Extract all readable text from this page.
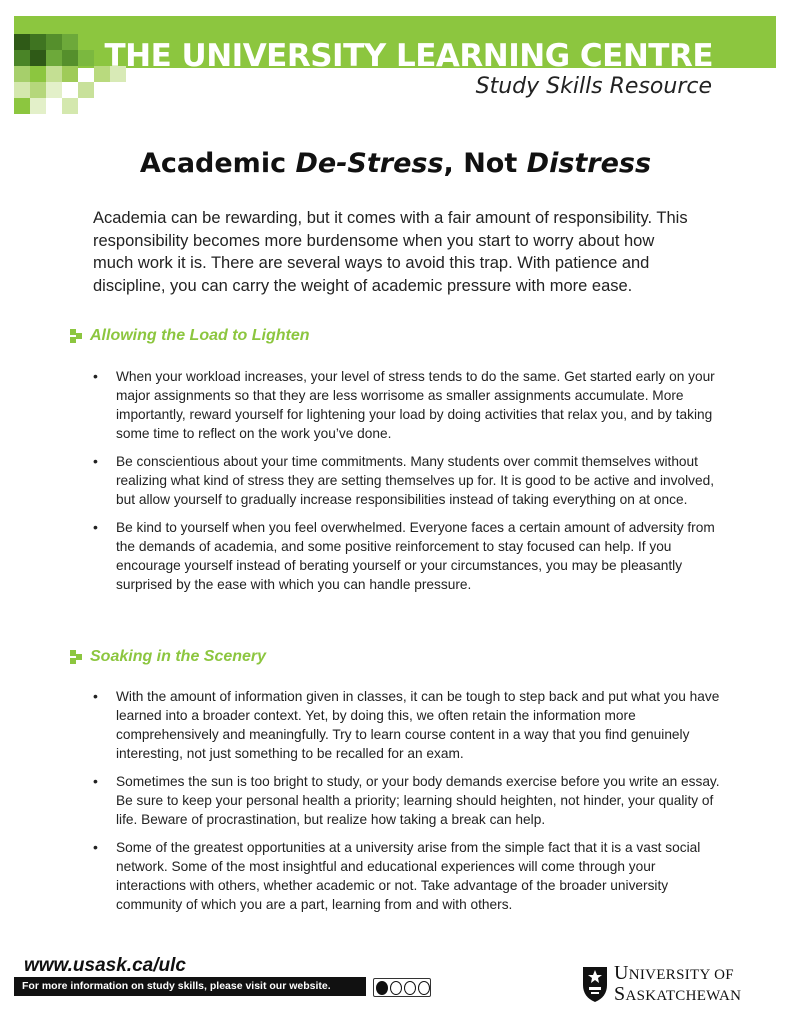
THE UNIVERSITY LEARNING CENTRE
Study Skills Resource
Academic De-Stress, Not Distress

Academia can be rewarding, but it comes with a fair amount of responsibility. This responsibility becomes more burdensome when you start to worry about how much work it is. There are several ways to avoid this trap. With patience and discipline, you can carry the weight of academic pressure with more ease.

Allowing the Load to Lighten
• When your workload increases, your level of stress tends to do the same. Get started early on your major assignments so that they are less worrisome as smaller assignments accumulate. More importantly, reward yourself for lightening your load by doing activities that relax you, and by taking some time to reflect on the work you’ve done.
• Be conscientious about your time commitments. Many students over commit themselves without realizing what kind of stress they are setting themselves up for. It is good to be active and involved, but allow yourself to gradually increase responsibilities instead of taking everything on at once.
• Be kind to yourself when you feel overwhelmed. Everyone faces a certain amount of adversity from the demands of academia, and some positive reinforcement to stay focused can help. If you encourage yourself instead of berating yourself or your circumstances, you may be pleasantly surprised by the ease with which you can handle pressure.
Soaking in the Scenery
• With the amount of information given in classes, it can be tough to step back and put what you have learned into a broader context. Yet, by doing this, we often retain the information more comprehensively and meaningfully. Try to learn course content in a way that you find genuinely interesting, not just something to be recalled for an exam.
• Sometimes the sun is too bright to study, or your body demands exercise before you write an essay. Be sure to keep your personal health a priority; learning should heighten, not hinder, your quality of life. Beware of procrastination, but realize how taking a break can help.
• Some of the greatest opportunities at a university arise from the simple fact that it is a vast social network. Some of the most insightful and educational experiences will come through your interactions with others, whether academic or not. Take advantage of the broader university community of which you are a part, learning from and with others.
www.usask.ca/ulc
For more information on study skills, please visit our website.
UNIVERSITY OF
SASKATCHEWAN
